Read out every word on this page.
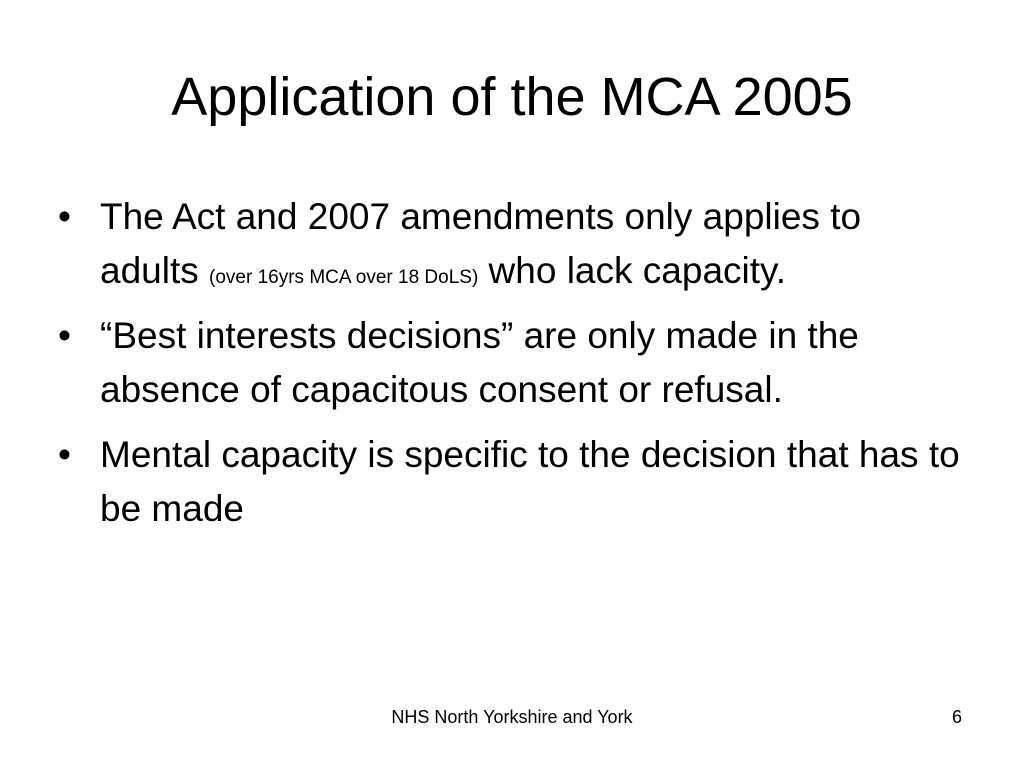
Application of the MCA 2005
• The Act and 2007 amendments only applies to adults (over 16yrs MCA over 18 DoLS) who lack capacity.
• “Best interests decisions” are only made in the absence of capacitous consent or refusal.
• Mental capacity is specific to the decision that has to be made
NHS North Yorkshire and York	6
